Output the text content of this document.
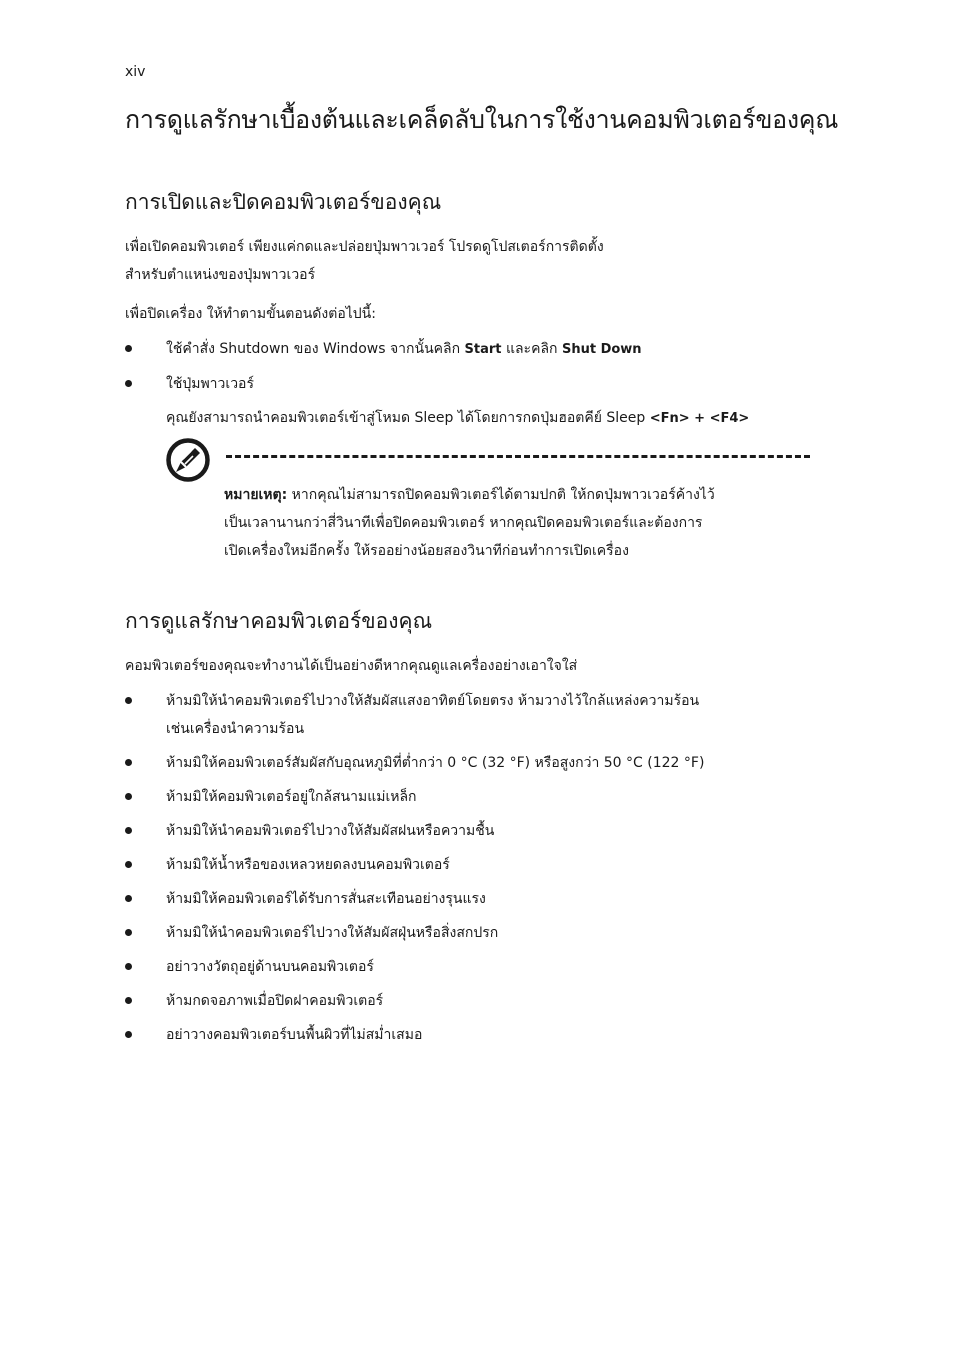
xiv
การดูแลรักษาเบื้องต้นและเคล็ดลับในการใช้งานคอมพิวเตอร์ของคุณ
การเปิดและปิดคอมพิวเตอร์ของคุณ

เพื่อเปิดคอมพิวเตอร์ เพียงแค่กดและปล่อยปุ่มพาวเวอร์ โปรดดูโปสเตอร์การติดตั้ง
สำหรับตำแหน่งของปุ่มพาวเวอร์

เพื่อปิดเครื่อง ให้ทำตามขั้นตอนดังต่อไปนี้:

ใช้คำสั่ง Shutdown ของ Windows จากนั้นคลิก Start และคลิก Shut Down
ใช้ปุ่มพาวเวอร์

คุณยังสามารถนำคอมพิวเตอร์เข้าสู่โหมด Sleep ได้โดยการกดปุ่มฮอตคีย์ Sleep <Fn> + <F4>

หมายเหตุ: หากคุณไม่สามารถปิดคอมพิวเตอร์ได้ตามปกติ ให้กดปุ่มพาวเวอร์ค้างไว้
เป็นเวลานานกว่าสี่วินาทีเพื่อปิดคอมพิวเตอร์ หากคุณปิดคอมพิวเตอร์และต้องการ
เปิดเครื่องใหม่อีกครั้ง ให้รออย่างน้อยสองวินาทีก่อนทำการเปิดเครื่อง
การดูแลรักษาคอมพิวเตอร์ของคุณ

คอมพิวเตอร์ของคุณจะทำงานได้เป็นอย่างดีหากคุณดูแลเครื่องอย่างเอาใจใส่

ห้ามมิให้นำคอมพิวเตอร์ไปวางให้สัมผัสแสงอาทิตย์โดยตรง ห้ามวางไว้ใกล้แหล่งความร้อน
เช่นเครื่องนำความร้อน
ห้ามมิให้คอมพิวเตอร์สัมผัสกับอุณหภูมิที่ต่ำกว่า 0 °C (32 °F) หรือสูงกว่า 50 °C (122 °F)
ห้ามมิให้คอมพิวเตอร์อยู่ใกล้สนามแม่เหล็ก
ห้ามมิให้นำคอมพิวเตอร์ไปวางให้สัมผัสฝนหรือความชื้น
ห้ามมิให้น้ำหรือของเหลวหยดลงบนคอมพิวเตอร์
ห้ามมิให้คอมพิวเตอร์ได้รับการสั่นสะเทือนอย่างรุนแรง
ห้ามมิให้นำคอมพิวเตอร์ไปวางให้สัมผัสฝุ่นหรือสิ่งสกปรก
อย่าวางวัตถุอยู่ด้านบนคอมพิวเตอร์
ห้ามกดจอภาพเมื่อปิดฝาคอมพิวเตอร์
อย่าวางคอมพิวเตอร์บนพื้นผิวที่ไม่สม่ำเสมอ
